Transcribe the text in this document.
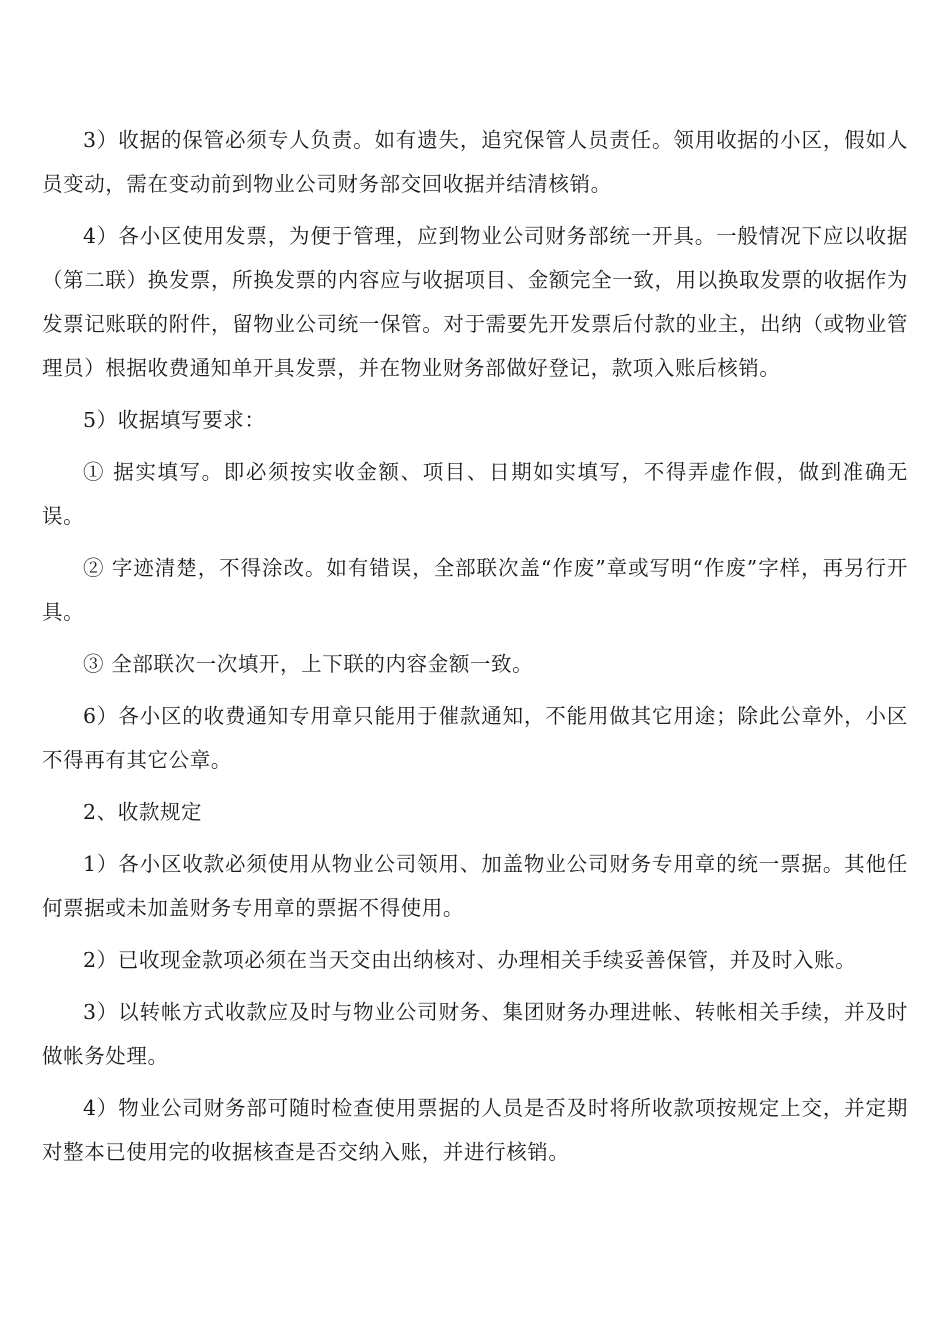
3）收据的保管必须专人负责。如有遗失，追究保管人员责任。领用收据的小区，假如人员变动，需在变动前到物业公司财务部交回收据并结清核销。

4）各小区使用发票，为便于管理，应到物业公司财务部统一开具。一般情况下应以收据（第二联）换发票，所换发票的内容应与收据项目、金额完全一致，用以换取发票的收据作为发票记账联的附件，留物业公司统一保管。对于需要先开发票后付款的业主，出纳（或物业管理员）根据收费通知单开具发票，并在物业财务部做好登记，款项入账后核销。

5）收据填写要求：

① 据实填写。即必须按实收金额、项目、日期如实填写，不得弄虚作假，做到准确无误。

② 字迹清楚，不得涂改。如有错误，全部联次盖“作废”章或写明“作废”字样，再另行开具。

③ 全部联次一次填开，上下联的内容金额一致。

6）各小区的收费通知专用章只能用于催款通知，不能用做其它用途；除此公章外，小区不得再有其它公章。

2、收款规定

1）各小区收款必须使用从物业公司领用、加盖物业公司财务专用章的统一票据。其他任何票据或未加盖财务专用章的票据不得使用。

2）已收现金款项必须在当天交由出纳核对、办理相关手续妥善保管，并及时入账。

3）以转帐方式收款应及时与物业公司财务、集团财务办理进帐、转帐相关手续，并及时做帐务处理。

4）物业公司财务部可随时检查使用票据的人员是否及时将所收款项按规定上交，并定期对整本已使用完的收据核查是否交纳入账，并进行核销。
